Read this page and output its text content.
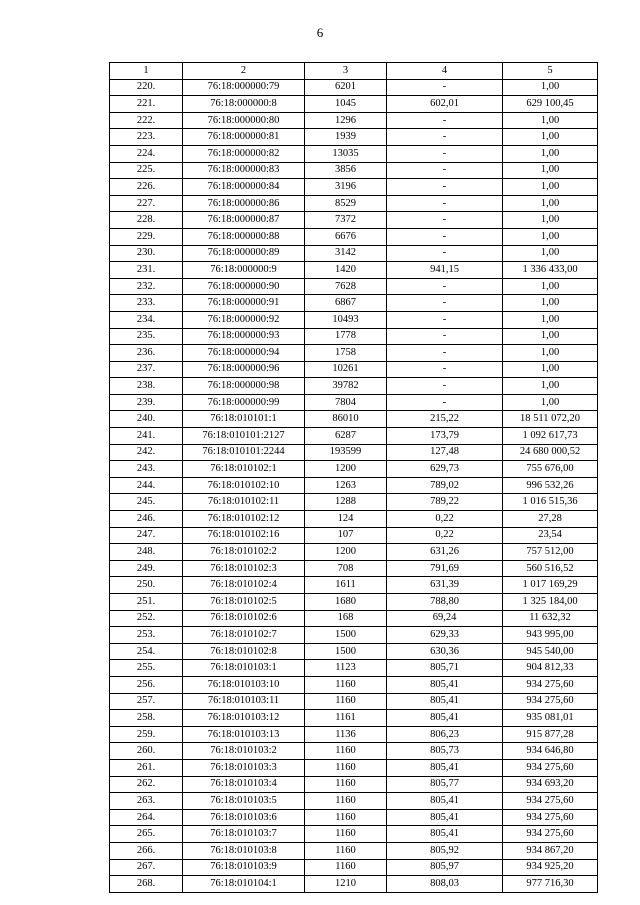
6
1	2	3	4	5
220.	76:18:000000:79	6201	-	1,00
221.	76:18:000000:8	1045	602,01	629 100,45
222.	76:18:000000:80	1296	-	1,00
223.	76:18:000000:81	1939	-	1,00
224.	76:18:000000:82	13035	-	1,00
225.	76:18:000000:83	3856	-	1,00
226.	76:18:000000:84	3196	-	1,00
227.	76:18:000000:86	8529	-	1,00
228.	76:18:000000:87	7372	-	1,00
229.	76:18:000000:88	6676	-	1,00
230.	76:18:000000:89	3142	-	1,00
231.	76:18:000000:9	1420	941,15	1 336 433,00
232.	76:18:000000:90	7628	-	1,00
233.	76:18:000000:91	6867	-	1,00
234.	76:18:000000:92	10493	-	1,00
235.	76:18:000000:93	1778	-	1,00
236.	76:18:000000:94	1758	-	1,00
237.	76:18:000000:96	10261	-	1,00
238.	76:18:000000:98	39782	-	1,00
239.	76:18:000000:99	7804	-	1,00
240.	76:18:010101:1	86010	215,22	18 511 072,20
241.	76:18:010101:2127	6287	173,79	1 092 617,73
242.	76:18:010101:2244	193599	127,48	24 680 000,52
243.	76:18:010102:1	1200	629,73	755 676,00
244.	76:18:010102:10	1263	789,02	996 532,26
245.	76:18:010102:11	1288	789,22	1 016 515,36
246.	76:18:010102:12	124	0,22	27,28
247.	76:18:010102:16	107	0,22	23,54
248.	76:18:010102:2	1200	631,26	757 512,00
249.	76:18:010102:3	708	791,69	560 516,52
250.	76:18:010102:4	1611	631,39	1 017 169,29
251.	76:18:010102:5	1680	788,80	1 325 184,00
252.	76:18:010102:6	168	69,24	11 632,32
253.	76:18:010102:7	1500	629,33	943 995,00
254.	76:18:010102:8	1500	630,36	945 540,00
255.	76:18:010103:1	1123	805,71	904 812,33
256.	76:18:010103:10	1160	805,41	934 275,60
257.	76:18:010103:11	1160	805,41	934 275,60
258.	76:18:010103:12	1161	805,41	935 081,01
259.	76:18:010103:13	1136	806,23	915 877,28
260.	76:18:010103:2	1160	805,73	934 646,80
261.	76:18:010103:3	1160	805,41	934 275,60
262.	76:18:010103:4	1160	805,77	934 693,20
263.	76:18:010103:5	1160	805,41	934 275,60
264.	76:18:010103:6	1160	805,41	934 275,60
265.	76:18:010103:7	1160	805,41	934 275,60
266.	76:18:010103:8	1160	805,92	934 867,20
267.	76:18:010103:9	1160	805,97	934 925,20
268.	76:18:010104:1	1210	808,03	977 716,30
